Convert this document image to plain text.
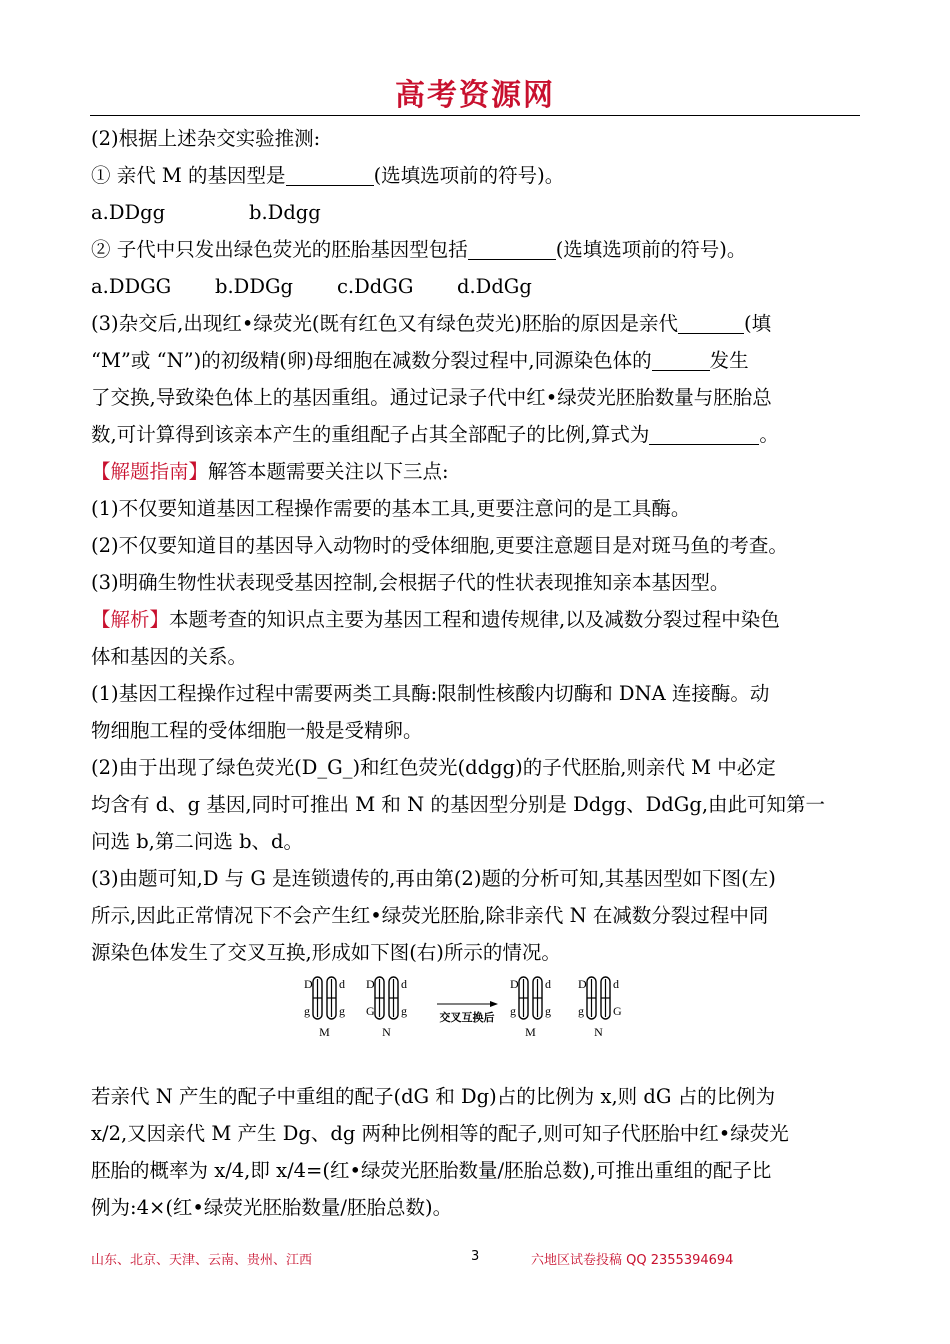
高考资源网
(2)根据上述杂交实验推测:
① 亲代 M 的基因型是	(选填选项前的符号)。
a.DDgg	b.Ddgg
② 子代中只发出绿色荧光的胚胎基因型包括	(选填选项前的符号)。
a.DDGG b.DDGg c.DdGG d.DdGg
(3)杂交后,出现红•绿荧光(既有红色又有绿色荧光)胚胎的原因是亲代	(填
“M”或 “N”)的初级精(卵)母细胞在减数分裂过程中,同源染色体的	发生
了交换,导致染色体上的基因重组。通过记录子代中红•绿荧光胚胎数量与胚胎总
数,可计算得到该亲本产生的重组配子占其全部配子的比例,算式为	。
【解题指南】解答本题需要关注以下三点:
(1)不仅要知道基因工程操作需要的基本工具,更要注意问的是工具酶。
(2)不仅要知道目的基因导入动物时的受体细胞,更要注意题目是对斑马鱼的考查。
(3)明确生物性状表现受基因控制,会根据子代的性状表现推知亲本基因型。
【解析】本题考查的知识点主要为基因工程和遗传规律,以及减数分裂过程中染色
体和基因的关系。
(1)基因工程操作过程中需要两类工具酶:限制性核酸内切酶和 DNA 连接酶。动
物细胞工程的受体细胞一般是受精卵。
(2)由于出现了绿色荧光(D_G_)和红色荧光(ddgg)的子代胚胎,则亲代 M 中必定
均含有 d、g 基因,同时可推出 M 和 N 的基因型分别是 Ddgg、DdGg,由此可知第一
问选 b,第二问选 b、d。
(3)由题可知,D 与 G 是连锁遗传的,再由第(2)题的分析可知,其基因型如下图(左)
所示,因此正常情况下不会产生红•绿荧光胚胎,除非亲代 N 在减数分裂过程中同
源染色体发生了交叉互换,形成如下图(右)所示的情况。
D
g
d
g
M
D
G
d
g
N
D
g
d
g
M
D
g
d
G
N
交叉互换后
若亲代 N 产生的配子中重组的配子(dG 和 Dg)占的比例为 x,则 dG 占的比例为
x/2,又因亲代 M 产生 Dg、dg 两种比例相等的配子,则可知子代胚胎中红•绿荧光
胚胎的概率为 x/4,即 x/4=(红•绿荧光胚胎数量/胚胎总数),可推出重组的配子比
例为:4×(红•绿荧光胚胎数量/胚胎总数)。
山东、北京、天津、云南、贵州、江西	3	六地区试卷投稿 QQ 2355394694
